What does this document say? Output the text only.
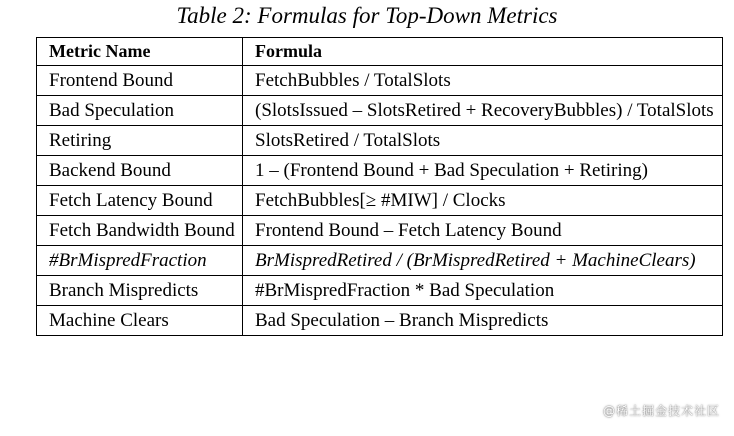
Table 2: Formulas for Top-Down Metrics
Metric Name	Formula
Frontend Bound	FetchBubbles / TotalSlots
Bad Speculation	(SlotsIssued – SlotsRetired + RecoveryBubbles) / TotalSlots
Retiring	SlotsRetired / TotalSlots
Backend Bound	1 – (Frontend Bound + Bad Speculation + Retiring)
Fetch Latency Bound	FetchBubbles[≥ #MIW] / Clocks
Fetch Bandwidth Bound	Frontend Bound – Fetch Latency Bound
#BrMispredFraction	BrMispredRetired / (BrMispredRetired + MachineClears)
Branch Mispredicts	#BrMispredFraction * Bad Speculation
Machine Clears	Bad Speculation – Branch Mispredicts
@稀土掘金技术社区
